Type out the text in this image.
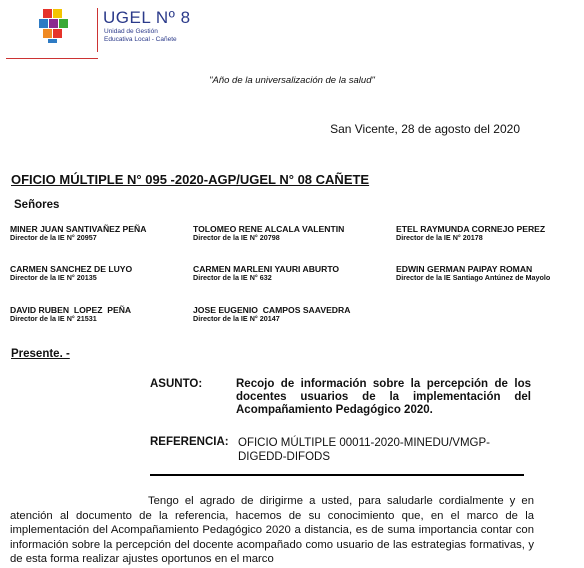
UGEL Nº 8
Unidad de Gestión
Educativa Local - Cañete
"Año de la universalización de la salud"
San Vicente, 28 de agosto del 2020
OFICIO MÚLTIPLE N° 095 -2020-AGP/UGEL N° 08 CAÑETE
Señores
MINER JUAN SANTIVAÑEZ PEÑA
Director de la IE N° 20957
TOLOMEO RENE ALCALA VALENTIN
Director de la IE N° 20798
ETEL RAYMUNDA CORNEJO PEREZ
Director de la IE N° 20178
CARMEN SANCHEZ DE LUYO
Director de la IE N° 20135
CARMEN MARLENI YAURI ABURTO
Director de la IE N° 632
EDWIN GERMAN PAIPAY ROMAN
Director de la IE Santiago Antúnez de Mayolo
DAVID RUBEN  LOPEZ  PEÑA
Director de la IE N° 21531
JOSE EUGENIO  CAMPOS SAAVEDRA
Director de la IE N° 20147
Presente. -
ASUNTO:	Recojo de información sobre la percepción de los docentes usuarios de la implementación del Acompañamiento Pedagógico 2020.
REFERENCIA: OFICIO MÚLTIPLE 00011-2020-MINEDU/VMGP-DIGEDD-DIFODS
Tengo el agrado de dirigirme a usted, para saludarle cordialmente y en atención al documento de la referencia, hacemos de su conocimiento que, en el marco de la implementación del Acompañamiento Pedagógico 2020 a distancia, es de suma importancia contar con información sobre la percepción del docente acompañado como usuario de las estrategias formativas, y de esta forma realizar ajustes oportunos en el marco
